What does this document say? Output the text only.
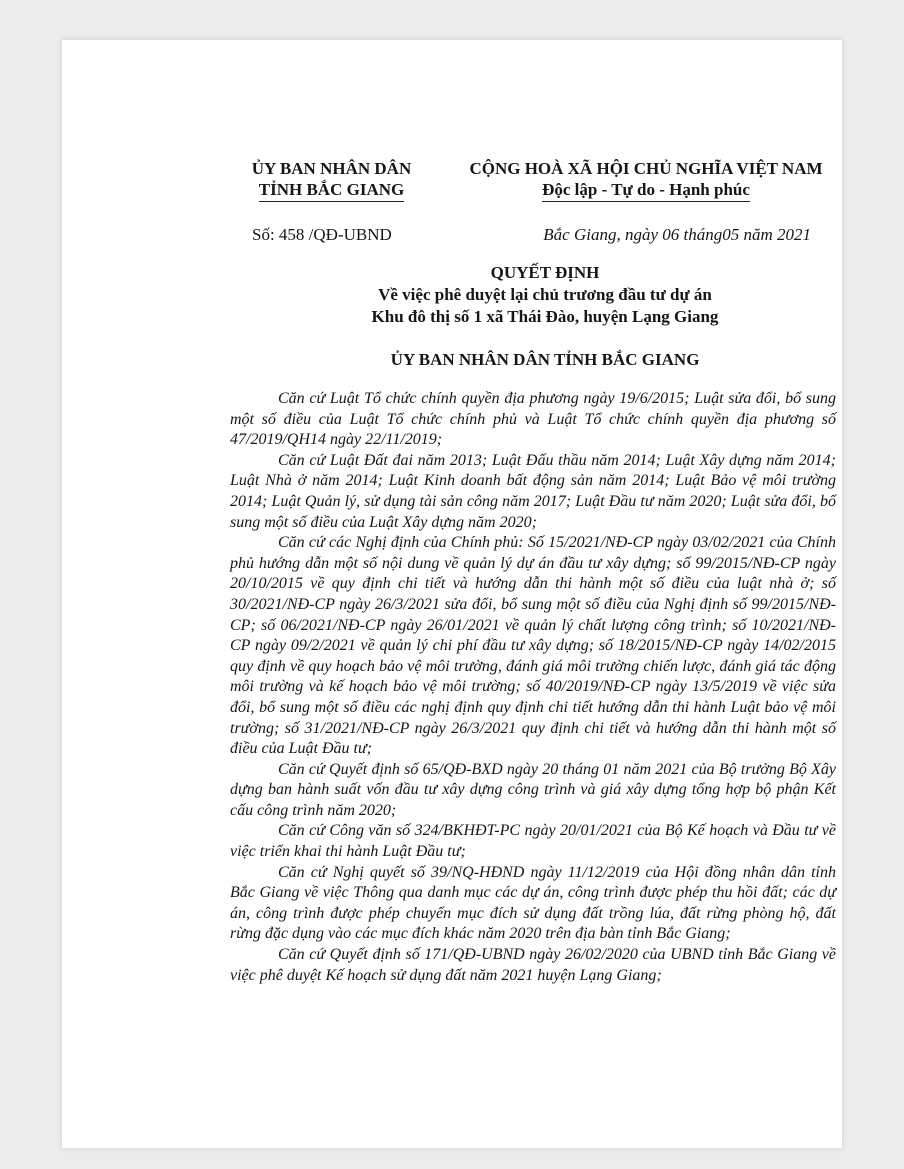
ỦY BAN NHÂN DÂN
TỈNH BẮC GIANG
CỘNG HOÀ XÃ HỘI CHỦ NGHĨA VIỆT NAM
Độc lập - Tự do - Hạnh phúc
Số: 458 /QĐ-UBND	Bắc Giang, ngày 06 tháng05 năm 2021
QUYẾT ĐỊNH
Về việc phê duyệt lại chủ trương đầu tư dự án
Khu đô thị số 1 xã Thái Đào, huyện Lạng Giang
ỦY BAN NHÂN DÂN TỈNH BẮC GIANG

Căn cứ Luật Tổ chức chính quyền địa phương ngày 19/6/2015; Luật sửa đổi, bổ sung một số điều của Luật Tổ chức chính phủ và Luật Tổ chức chính quyền địa phương số 47/2019/QH14 ngày 22/11/2019;

Căn cứ Luật Đất đai năm 2013; Luật Đấu thầu năm 2014; Luật Xây dựng năm 2014; Luật Nhà ở năm 2014; Luật Kinh doanh bất động sản năm 2014; Luật Bảo vệ môi trường 2014; Luật Quản lý, sử dụng tài sản công năm 2017; Luật Đầu tư năm 2020; Luật sửa đổi, bổ sung một số điều của Luật Xây dựng năm 2020;

Căn cứ các Nghị định của Chính phủ: Số 15/2021/NĐ-CP ngày 03/02/2021 của Chính phủ hướng dẫn một số nội dung về quản lý dự án đầu tư xây dựng; số 99/2015/NĐ-CP ngày 20/10/2015 về quy định chi tiết và hướng dẫn thi hành một số điều của luật nhà ở; số 30/2021/NĐ-CP ngày 26/3/2021 sửa đổi, bổ sung một số điều của Nghị định số 99/2015/NĐ-CP; số 06/2021/NĐ-CP ngày 26/01/2021 về quản lý chất lượng công trình; số 10/2021/NĐ-CP ngày 09/2/2021 về quản lý chi phí đầu tư xây dựng; số 18/2015/NĐ-CP ngày 14/02/2015 quy định về quy hoạch bảo vệ môi trường, đánh giá môi trường chiến lược, đánh giá tác động môi trường và kế hoạch bảo vệ môi trường; số 40/2019/NĐ-CP ngày 13/5/2019 về việc sửa đổi, bổ sung một số điều các nghị định quy định chi tiết hướng dẫn thi hành Luật bảo vệ môi trường; số 31/2021/NĐ-CP ngày 26/3/2021 quy định chi tiết và hướng dẫn thi hành một số điều của Luật Đầu tư;

Căn cứ Quyết định số 65/QĐ-BXD ngày 20 tháng 01 năm 2021 của Bộ trưởng Bộ Xây dựng ban hành suất vốn đầu tư xây dựng công trình và giá xây dựng tổng hợp bộ phận Kết cấu công trình năm 2020;

Căn cứ Công văn số 324/BKHĐT-PC ngày 20/01/2021 của Bộ Kế hoạch và Đầu tư về việc triển khai thi hành Luật Đầu tư;

Căn cứ Nghị quyết số 39/NQ-HĐND ngày 11/12/2019 của Hội đồng nhân dân tỉnh Bắc Giang về việc Thông qua danh mục các dự án, công trình được phép thu hồi đất; các dự án, công trình được phép chuyển mục đích sử dụng đất trồng lúa, đất rừng phòng hộ, đất rừng đặc dụng vào các mục đích khác năm 2020 trên địa bàn tỉnh Bắc Giang;

Căn cứ Quyết định số 171/QĐ-UBND ngày 26/02/2020 của UBND tỉnh Bắc Giang về việc phê duyệt Kế hoạch sử dụng đất năm 2021 huyện Lạng Giang;
